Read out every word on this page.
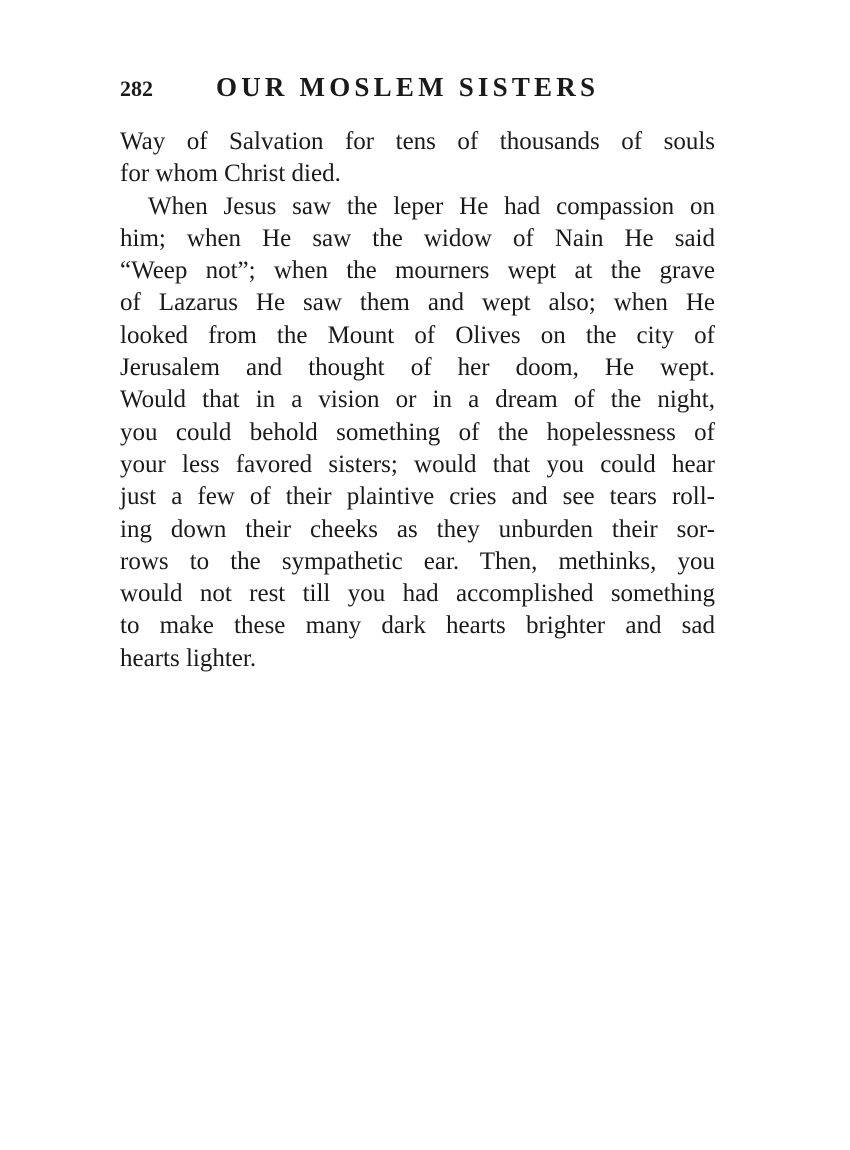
282 OUR MOSLEM SISTERS
Way of Salvation for tens of thousands of souls
for whom Christ died.
When Jesus saw the leper He had compassion on
him; when He saw the widow of Nain He said
“Weep not”; when the mourners wept at the grave
of Lazarus He saw them and wept also; when He
looked from the Mount of Olives on the city of
Jerusalem and thought of her doom, He wept.
Would that in a vision or in a dream of the night,
you could behold something of the hopelessness of
your less favored sisters; would that you could hear
just a few of their plaintive cries and see tears roll-
ing down their cheeks as they unburden their sor-
rows to the sympathetic ear. Then, methinks, you
would not rest till you had accomplished something
to make these many dark hearts brighter and sad
hearts lighter.
